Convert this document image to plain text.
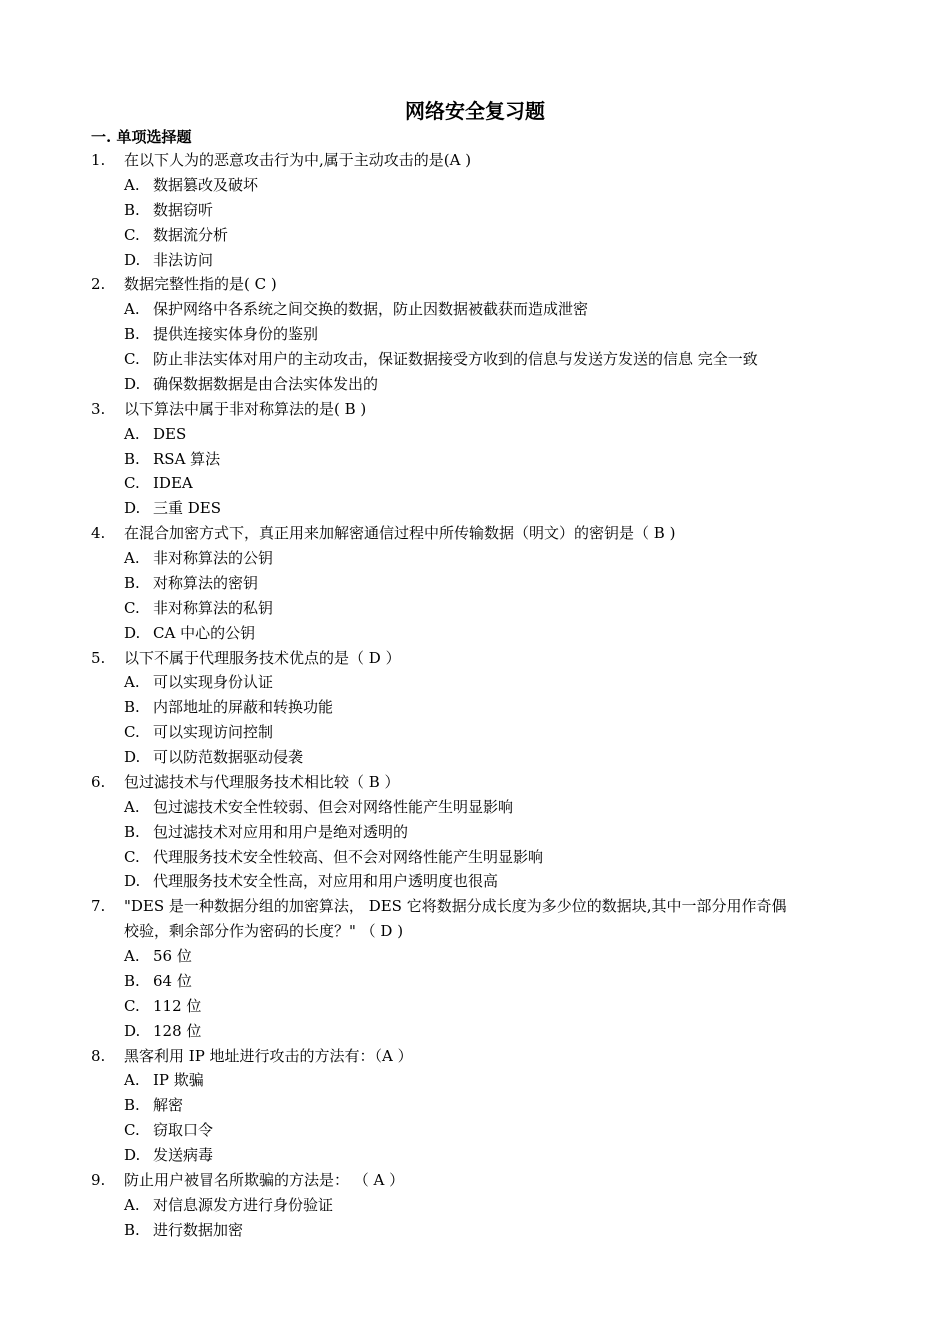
网络安全复习题
一. 单项选择题
1. 在以下人为的恶意攻击行为中,属于主动攻击的是(A )
A. 数据篡改及破坏
B. 数据窃听
C. 数据流分析
D. 非法访问
2. 数据完整性指的是( C )
A. 保护网络中各系统之间交换的数据，防止因数据被截获而造成泄密
B. 提供连接实体身份的鉴别
C. 防止非法实体对用户的主动攻击，保证数据接受方收到的信息与发送方发送的信息 完全一致
D. 确保数据数据是由合法实体发出的
3. 以下算法中属于非对称算法的是( B )
A. DES
B. RSA 算法
C. IDEA
D. 三重 DES
4. 在混合加密方式下，真正用来加解密通信过程中所传输数据（明文）的密钥是（ B )
A. 非对称算法的公钥
B. 对称算法的密钥
C. 非对称算法的私钥
D. CA 中心的公钥
5. 以下不属于代理服务技术优点的是（ D ）
A. 可以实现身份认证
B. 内部地址的屏蔽和转换功能
C. 可以实现访问控制
D. 可以防范数据驱动侵袭
6. 包过滤技术与代理服务技术相比较（ B ）
A. 包过滤技术安全性较弱、但会对网络性能产生明显影响
B. 包过滤技术对应用和用户是绝对透明的
C. 代理服务技术安全性较高、但不会对网络性能产生明显影响
D. 代理服务技术安全性高，对应用和用户透明度也很高
7. "DES 是一种数据分组的加密算法， DES 它将数据分成长度为多少位的数据块,其中一部分用作奇偶
校验，剩余部分作为密码的长度？" （ D )
A. 56 位
B. 64 位
C. 112 位
D. 128 位
8. 黑客利用 IP 地址进行攻击的方法有：（A ）
A. IP 欺骗
B. 解密
C. 窃取口令
D. 发送病毒
9. 防止用户被冒名所欺骗的方法是： （ A ）
A. 对信息源发方进行身份验证
B. 进行数据加密
